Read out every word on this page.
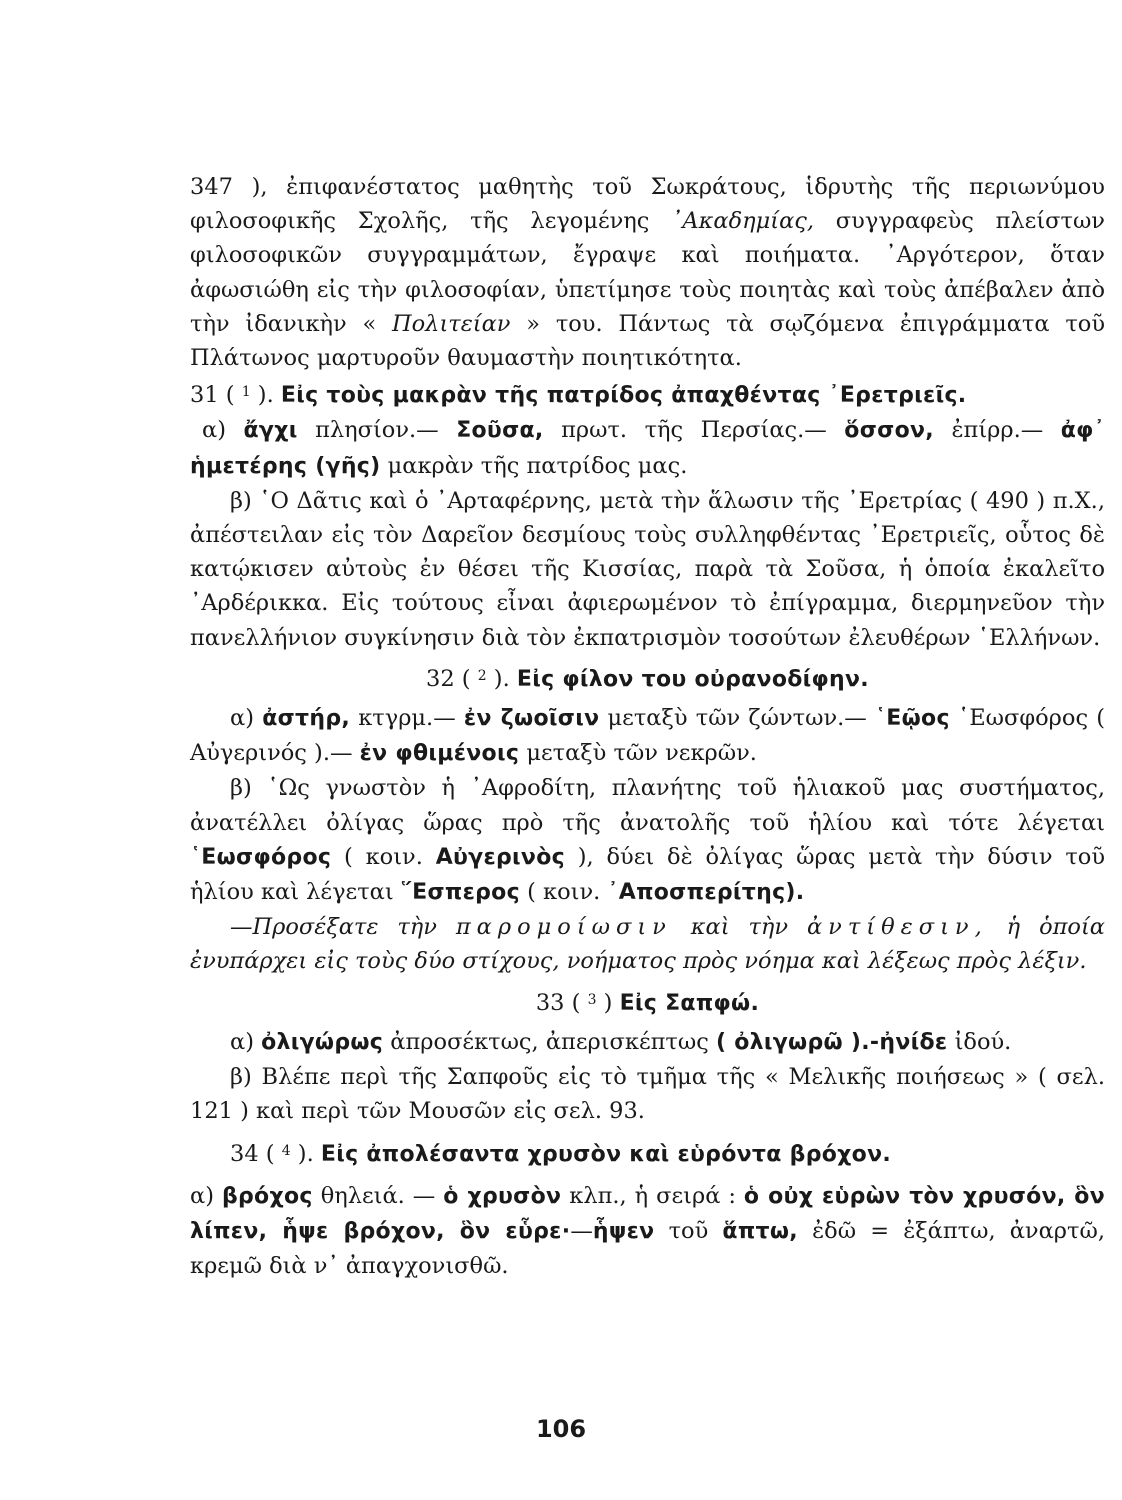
347 ), ἐπιφανέστατος μαθητὴς τοῦ Σωκράτους, ἱδρυτὴς τῆς περιωνύμου φιλοσοφικῆς Σχολῆς, τῆς λεγομένης ᾿Ακαδημίας, συγγραφεὺς πλείστων φιλοσοφικῶν συγγραμμάτων, ἔγραψε καὶ ποιήματα. ᾿Αργότερον, ὅταν ἀφωσιώθη εἰς τὴν φιλοσοφίαν, ὑπετίμησε τοὺς ποιητὰς καὶ τοὺς ἀπέβαλεν ἀπὸ τὴν ἰδανικὴν « Πολιτείαν » του. Πάντως τὰ σῳζόμενα ἐπιγράμματα τοῦ Πλάτωνος μαρτυροῦν θαυμαστὴν ποιητικότητα.

31 ( $^1$ ). Εἰς τοὺς μακρὰν τῆς πατρίδος ἀπαχθέντας ᾿Ερετριεῖς.

α) ἄγχι πλησίον.— Σοῦσα, πρωτ. τῆς Περσίας.— ὅσσον, ἐπίρρ.— ἀφ᾿ ἡμετέρης (γῆς) μακρὰν τῆς πατρίδος μας.

β) ῾Ο Δᾶτις καὶ ὁ ᾿Αρταφέρνης, μετὰ τὴν ἅλωσιν τῆς ᾿Ερετρίας ( 490 ) π.Χ., ἀπέστειλαν εἰς τὸν Δαρεῖον δεσμίους τοὺς συλληφθέντας ᾿Ερετριεῖς, οὗτος δὲ κατῴκισεν αὐτοὺς ἐν θέσει τῆς Κισσίας, παρὰ τὰ Σοῦσα, ἡ ὁποία ἐκαλεῖτο ᾿Αρδέρικκα. Εἰς τούτους εἶναι ἀφιερωμένον τὸ ἐπίγραμμα, διερμηνεῦον τὴν πανελλήνιον συγκίνησιν διὰ τὸν ἐκπατρισμὸν τοσούτων ἐλευθέρων ῾Ελλήνων.

32 ( $^2$ ). Εἰς φίλον του οὐρανοδίφην.

α) ἀστήρ, κτγρμ.— ἐν ζωοῖσιν μεταξὺ τῶν ζώντων.— ῾Εῷος ῾Εωσφόρος ( Αὐγερινός ).— ἐν φθιμένοις μεταξὺ τῶν νεκρῶν.

β) ῾Ως γνωστὸν ἡ ᾿Αφροδίτη, πλανήτης τοῦ ἡλιακοῦ μας συστήματος, ἀνατέλλει ὀλίγας ὥρας πρὸ τῆς ἀνατολῆς τοῦ ἡλίου καὶ τότε λέγεται ῾Εωσφόρος ( κοιν. Αὐγερινὸς ), δύει δὲ ὀλίγας ὥρας μετὰ τὴν δύσιν τοῦ ἡλίου καὶ λέγεται ῞Εσπερος ( κοιν. ᾿Αποσπερίτης).

—Προσέξατε τὴν παρομοίωσιν καὶ τὴν ἀντίθεσιν, ἡ ὁποία ἐνυπάρχει εἰς τοὺς δύο στίχους, νοήματος πρὸς νόημα καὶ λέξεως πρὸς λέξιν.

33 ( $^3$ ) Εἰς Σαπφώ.

α) ὀλιγώρως ἀπροσέκτως, ἀπερισκέπτως ( ὀλιγωρῶ ).-ἠνίδε ἰδού.

β) Βλέπε περὶ τῆς Σαπφοῦς εἰς τὸ τμῆμα τῆς « Μελικῆς ποιήσεως » ( σελ. 121 ) καὶ περὶ τῶν Μουσῶν εἰς σελ. 93.

34 ( $^4$ ). Εἰς ἀπολέσαντα χρυσὸν καὶ εὑρόντα βρόχον.

α) βρόχος θηλειά. — ὁ χρυσὸν κλπ., ἡ σειρά : ὁ οὐχ εὑρὼν τὸν χρυσόν, ὃν λίπεν, ἧψε βρόχον, ὃν εὗρε·—ἧψεν τοῦ ἅπτω, ἐδῶ = ἐξάπτω, ἀναρτῶ, κρεμῶ διὰ ν᾿ ἀπαγχονισθῶ.

106
